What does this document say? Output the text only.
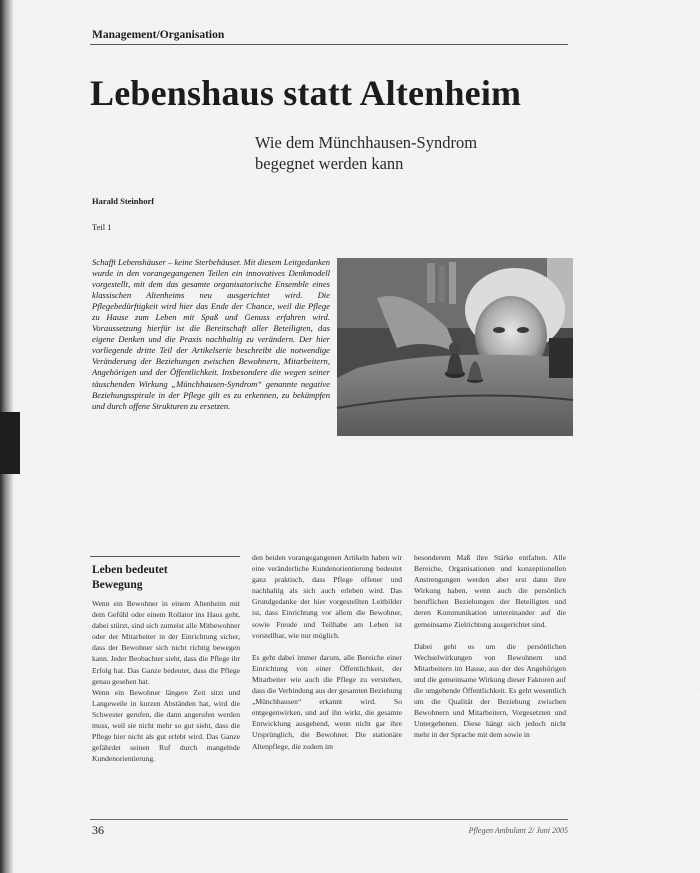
Management/Organisation
Lebenshaus statt Altenheim
Wie dem Münchhausen-Syndrom
begegnet werden kann
Harald Steinhorf
Teil 1

Schafft Lebenshäuser – keine Sterbehäuser. Mit diesem Leitgedanken wurde in den vorangegangenen Teilen ein innovatives Denkmodell vorgestellt, mit dem das gesamte organisatorische Ensemble eines klassischen Altenheims neu ausgerichtet wird. Die Pflegebedürftigkeit wird hier das Ende der Chance, weil die Pflege zu Hause zum Leben mit Spaß und Genuss erfahren wird. Voraussetzung hierfür ist die Bereitschaft aller Beteiligten, das eigene Denken und die Praxis nachhaltig zu verändern. Der hier vorliegende dritte Teil der Artikelserie beschreibt die notwendige Veränderung der Beziehungen zwischen Bewohnern, Mitarbeitern, Angehörigen und der Öffentlichkeit. Insbesondere die wegen seiner täuschenden Wirkung „Münchhausen-Syndrom“ genannte negative Beziehungsspirale in der Pflege gilt es zu erkennen, zu bekämpfen und durch offene Strukturen zu ersetzen.

Foto: Steinhorf
Leben bedeutet
Bewegung

Wenn ein Bewohner in einem Altenheim mit dem Gefühl oder einem Rollator ins Haus geht, dabei stürzt, sind sich zumeist alle Mitbewohner oder der Mitarbeiter in der Einrichtung sicher, dass der Bewohner sich nicht richtig bewegen kann. Jeder Beobachter sieht, dass die Pflege ihr Erfolg hat. Das Ganze bedeutet, dass die Pflege genau gesehen hat.

Wenn ein Bewohner längere Zeit sitzt und Langeweile in kurzen Abständen hat, wird die Schwester gerufen, die dann angerufen werden muss, weil sie nicht mehr so gut sieht, dass die Pflege hier nicht als gut erlebt wird. Das Ganze gefährdet seinen Ruf durch mangelnde Kundenorientierung.

den beiden vorangegangenen Artikeln haben wir eine veränderliche Kundenorientierung bedeutet ganz praktisch, dass Pflege offener und nachhaltig als sich auch erleben wird. Das Grundgedanke der hier vorgestellten Leitbilder ist, dass Einrichtung vor allem die Bewohner, sowie Freude und Teilhabe am Leben ist vorstellbar, wie nur möglich.

Es geht dabei immer darum, alle Bereiche einer Einrichtung von einer Öffentlichkeit, der Mitarbeiter wie auch die Pflege zu verstehen, dass die Verbindung aus der gesamten Beziehung „Münchhausen“ erkannt wird. So entgegenwirken, und auf ihn wirkt, die gesamte Entwicklung ausgehend, wenn nicht gar ihre Ursprünglich, die Bewohner. Die stationäre Altenpflege, die zudem im

besonderem Maß ihre Stärke entfalten. Alle Bereiche, Organisationen und konzeptionellen Anstrengungen werden aber erst dann ihre Wirkung haben, wenn auch die persönlich beruflichen Beziehungen der Beteiligten und deren Kommunikation untereinander auf die gemeinsame Zielrichtung ausgerichtet sind.

Dabei geht es um die persönlichen Wechselwirkungen von Bewohnern und Mitarbeitern im Hause, aus der des Angehörigen und die gemeinsame Wirkung dieser Faktoren auf die umgebende Öffentlichkeit. Es geht wesentlich um die Qualität der Beziehung zwischen Bewohnern und Mitarbeitern, Vorgesetzten und Untergebenen. Diese hängt sich jedoch nicht mehr in der Sprache mit dem sowie in

36	Pflegen Ambulant 2/ Juni 2005
